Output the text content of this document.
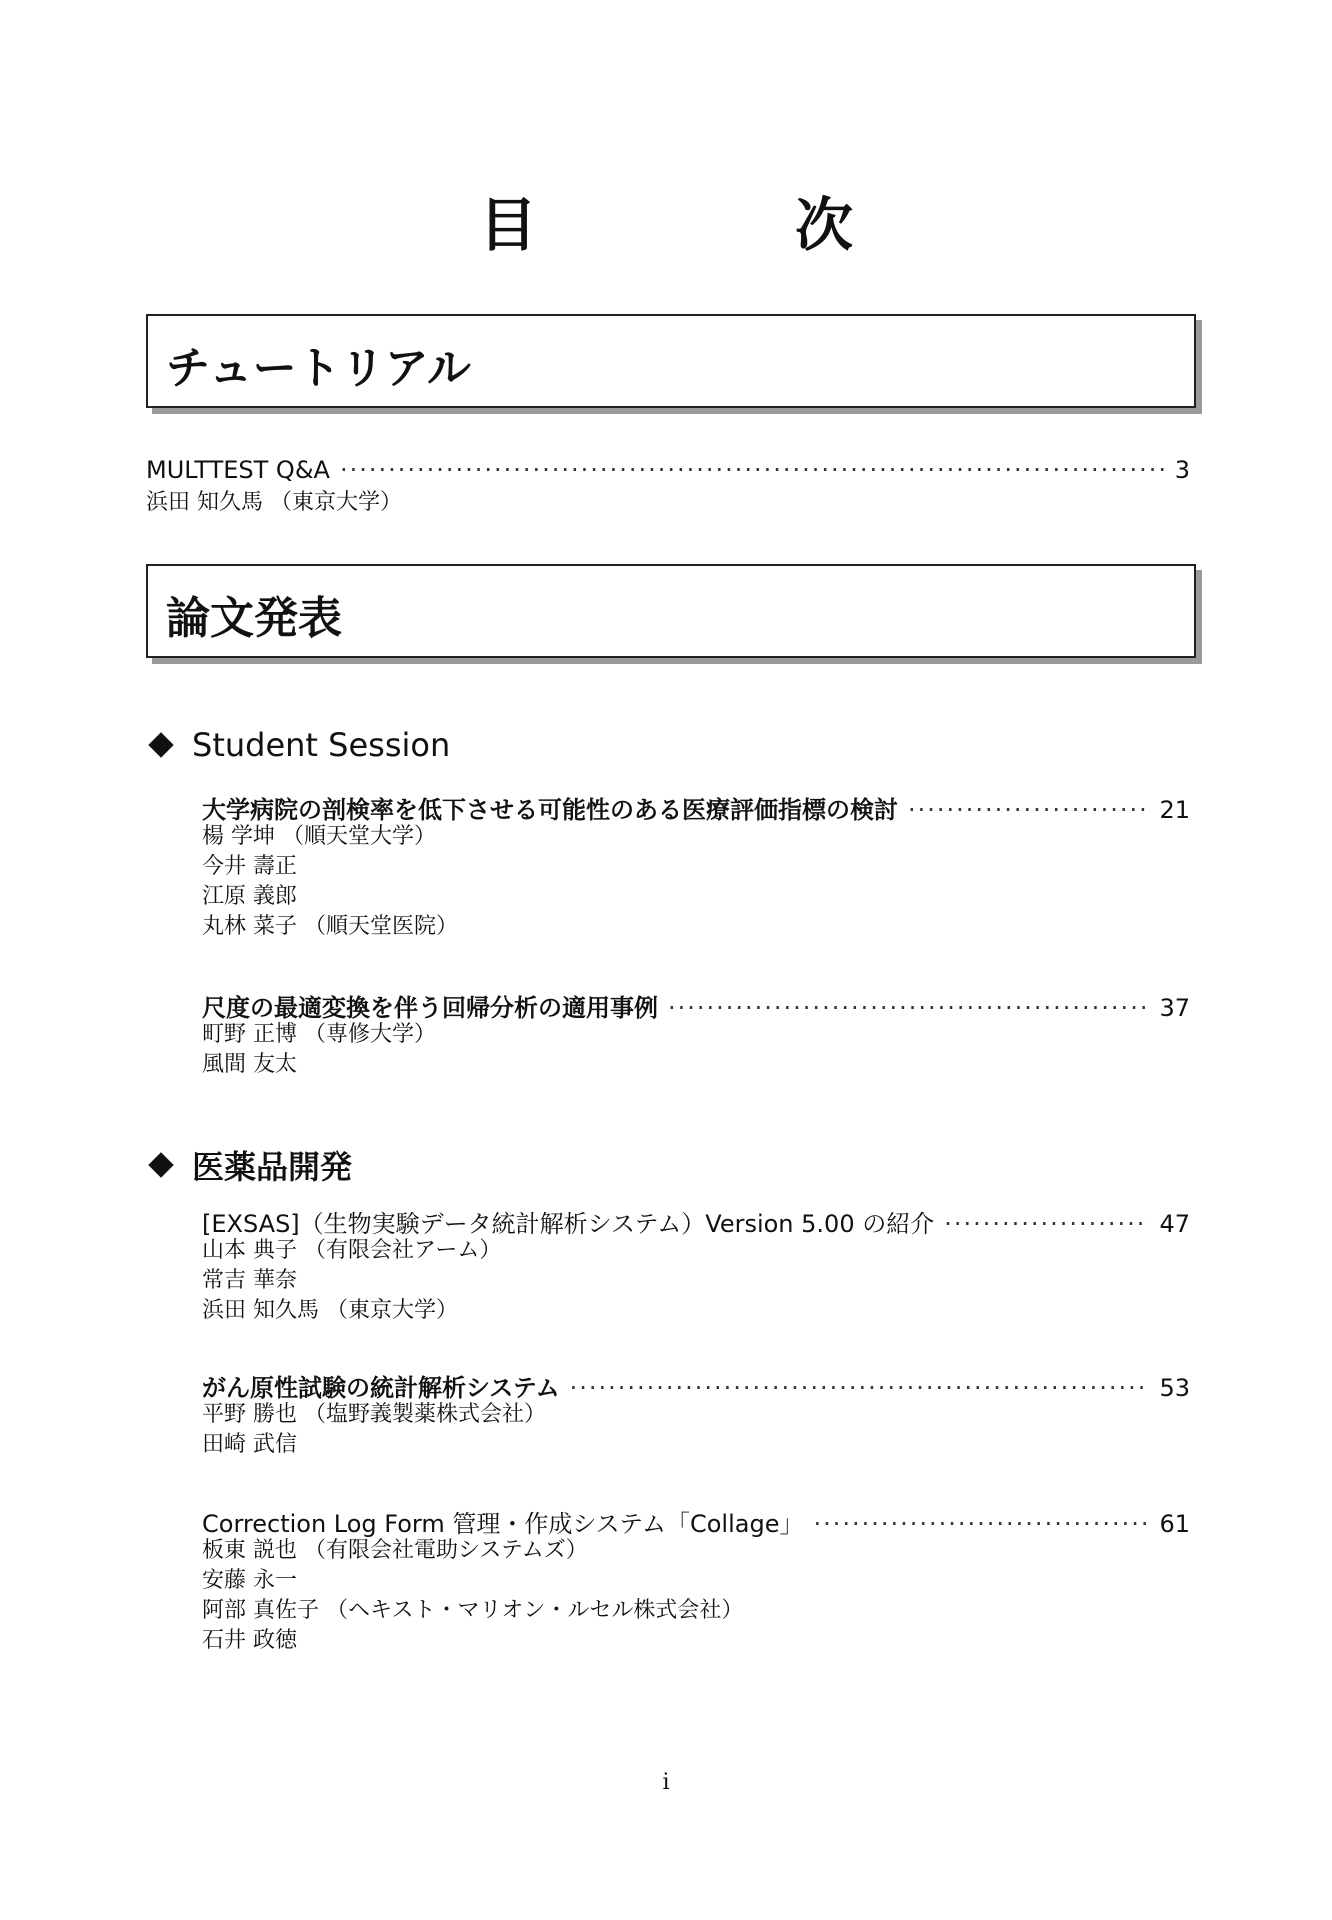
目　次
チュートリアル
MULTTEST Q&A ·····	3
浜田 知久馬 （東京大学）
論文発表
Student Session
大学病院の剖検率を低下させる可能性のある医療評価指標の検討 ·····	21
楊 学坤 （順天堂大学）
今井 壽正
江原 義郎
丸林 菜子 （順天堂医院）
尺度の最適変換を伴う回帰分析の適用事例 ·····	37
町野 正博 （専修大学）
風間 友太
医薬品開発
[EXSAS]（生物実験データ統計解析システム）Version 5.00 の紹介 ·····	47
山本 典子 （有限会社アーム）
常吉 華奈
浜田 知久馬 （東京大学）
がん原性試験の統計解析システム ·····	53
平野 勝也 （塩野義製薬株式会社）
田崎 武信
Correction Log Form 管理・作成システム「Collage」 ·····	61
板東 説也 （有限会社電助システムズ）
安藤 永一
阿部 真佐子 （ヘキスト・マリオン・ルセル株式会社）
石井 政徳
i
